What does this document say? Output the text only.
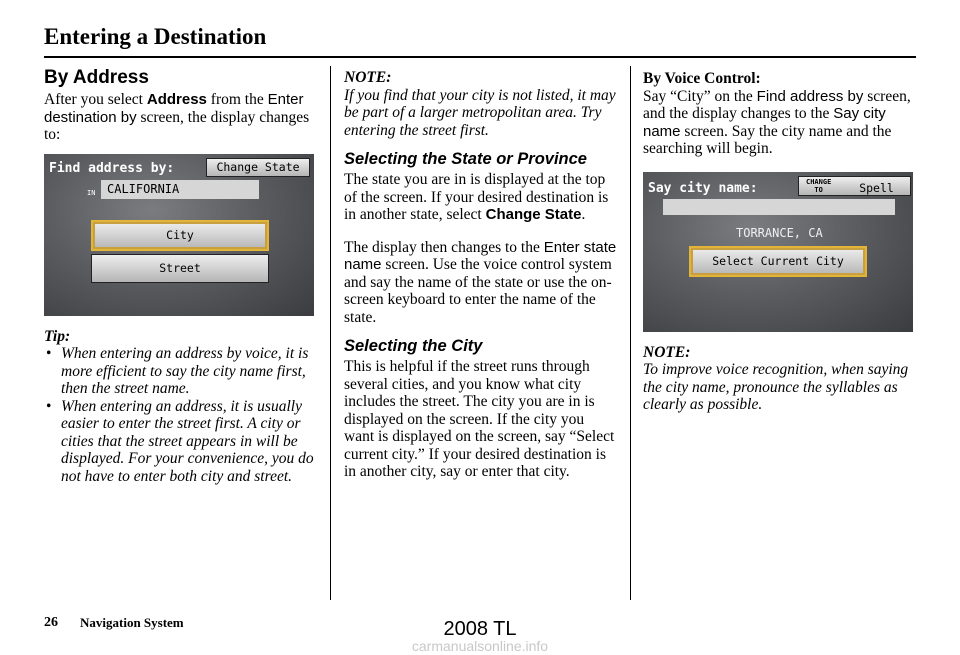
Entering a Destination
By Address

After you select Address from the Enter destination by screen, the display changes to:

Find address by:	Change State
IN CALIFORNIA
City
Street

Tip:

• When entering an address by voice, it is more efficient to say the city name first, then the street name.
• When entering an address, it is usually easier to enter the street first. A city or cities that the street appears in will be displayed. For your convenience, you do not have to enter both city and street.

NOTE:

If you find that your city is not listed, it may be part of a larger metropolitan area. Try entering the street first.

Selecting the State or Province

The state you are in is displayed at the top of the screen. If your desired destination is in another state, select Change State.

The display then changes to the Enter state name screen. Use the voice control system and say the name of the state or use the on-screen keyboard to enter the name of the state.

Selecting the City

This is helpful if the street runs through several cities, and you know what city includes the street. The city you are in is displayed on the screen. If the city you want is displayed on the screen, say “Select current city.” If your desired destination is in another city, say or enter that city.

By Voice Control:

Say “City” on the Find address by screen, and the display changes to the Say city name screen. Say the city name and the searching will begin.

Say city name:	CHANGE
TO	Spell
TORRANCE, CA
Select Current City

NOTE:

To improve voice recognition, when saying the city name, pronounce the syllables as clearly as possible.

26 Navigation System	2008 TL
carmanualsonline.info
